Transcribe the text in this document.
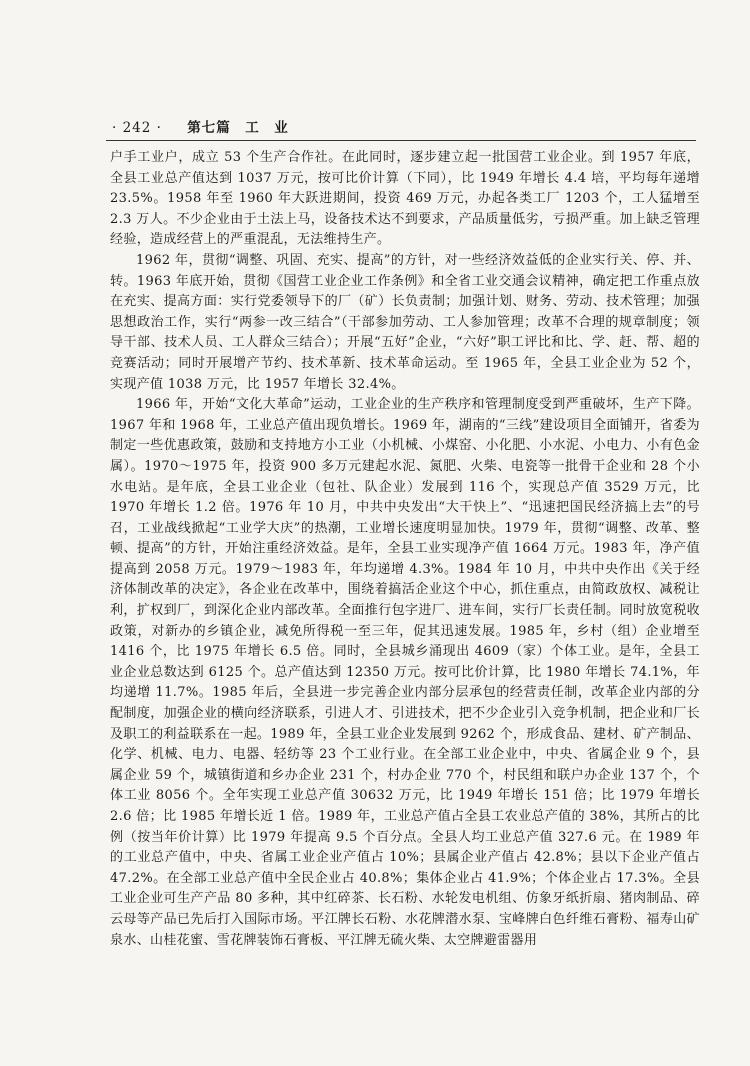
· 242 · 第七篇　工　业

户手工业户，成立 53 个生产合作社。在此同时，逐步建立起一批国营工业企业。到 1957 年底，全县工业总产值达到 1037 万元，按可比价计算（下同），比 1949 年增长 4.4 培，平均每年递增 23.5%。1958 年至 1960 年大跃进期间，投资 469 万元，办起各类工厂 1203 个，工人猛增至 2.3 万人。不少企业由于土法上马，设备技术达不到要求，产品质量低劣，亏损严重。加上缺乏管理经验，造成经营上的严重混乱，无法维持生产。

1962 年，贯彻“调整、巩固、充实、提高”的方针，对一些经济效益低的企业实行关、停、并、转。1963 年底开始，贯彻《国营工业企业工作条例》和全省工业交通会议精神，确定把工作重点放在充实、提高方面：实行党委领导下的厂（矿）长负责制；加强计划、财务、劳动、技术管理；加强思想政治工作，实行“两参一改三结合”（干部参加劳动、工人参加管理；改革不合理的规章制度；领导干部、技术人员、工人群众三结合）；开展“五好”企业，“六好”职工评比和比、学、赶、帮、超的竞赛活动；同时开展增产节约、技术革新、技术革命运动。至 1965 年，全县工业企业为 52 个，实现产值 1038 万元，比 1957 年增长 32.4%。

1966 年，开始“文化大革命”运动，工业企业的生产秩序和管理制度受到严重破坏，生产下降。1967 年和 1968 年，工业总产值出现负增长。1969 年，湖南的“三线”建设项目全面铺开，省委为制定一些优惠政策，鼓励和支持地方小工业（小机械、小煤窑、小化肥、小水泥、小电力、小有色金属）。1970～1975 年，投资 900 多万元建起水泥、氮肥、火柴、电瓷等一批骨干企业和 28 个小水电站。是年底，全县工业企业（包社、队企业）发展到 116 个，实现总产值 3529 万元，比 1970 年增长 1.2 倍。1976 年 10 月，中共中央发出“大干快上”、“迅速把国民经济搞上去”的号召，工业战线掀起“工业学大庆”的热潮，工业增长速度明显加快。1979 年，贯彻“调整、改革、整顿、提高”的方针，开始注重经济效益。是年，全县工业实现净产值 1664 万元。1983 年，净产值提高到 2058 万元。1979～1983 年，年均递增 4.3%。1984 年 10 月，中共中央作出《关于经济体制改革的决定》，各企业在改革中，围绕着搞活企业这个中心，抓住重点，由简政放权、减税让利，扩权到厂，到深化企业内部改革。全面推行包字进厂、进车间，实行厂长责任制。同时放宽税收政策，对新办的乡镇企业，减免所得税一至三年，促其迅速发展。1985 年，乡村（组）企业增至 1416 个，比 1975 年增长 6.5 倍。同时，全县城乡涌现出 4609（家）个体工业。是年，全县工业企业总数达到 6125 个。总产值达到 12350 万元。按可比价计算，比 1980 年增长 74.1%，年均递增 11.7%。1985 年后，全县进一步完善企业内部分层承包的经营责任制，改革企业内部的分配制度，加强企业的横向经济联系，引进人才、引进技术，把不少企业引入竞争机制，把企业和厂长及职工的利益联系在一起。1989 年，全县工业企业发展到 9262 个，形成食品、建材、矿产制品、化学、机械、电力、电器、轻纺等 23 个工业行业。在全部工业企业中，中央、省属企业 9 个，县属企业 59 个，城镇街道和乡办企业 231 个，村办企业 770 个，村民组和联户办企业 137 个，个体工业 8056 个。全年实现工业总产值 30632 万元，比 1949 年增长 151 倍；比 1979 年增长 2.6 倍；比 1985 年增长近 1 倍。1989 年，工业总产值占全县工农业总产值的 38%，其所占的比例（按当年价计算）比 1979 年提高 9.5 个百分点。全县人均工业总产值 327.6 元。在 1989 年的工业总产值中，中央、省属工业企业产值占 10%；县属企业产值占 42.8%；县以下企业产值占 47.2%。在全部工业总产值中全民企业占 40.8%；集体企业占 41.9%；个体企业占 17.3%。全县工业企业可生产产品 80 多种，其中红碎茶、长石粉、水轮发电机组、仿象牙纸折扇、猪肉制品、碎云母等产品已先后打入国际市场。平江牌长石粉、水花牌潜水泵、宝峰牌白色纤维石膏粉、福寿山矿泉水、山桂花蜜、雪花牌装饰石膏板、平江牌无硫火柴、太空牌避雷器用
